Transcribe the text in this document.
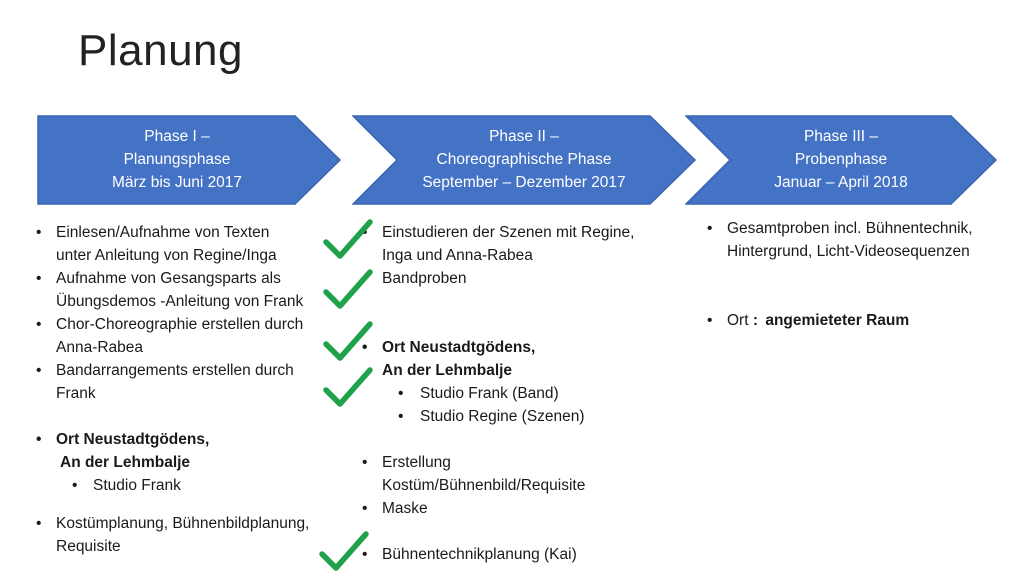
Planung
Phase I –
Planungsphase
März bis Juni 2017
Phase II –
Choreographische Phase
September – Dezember 2017
Phase III –
Probenphase
Januar – April 2018
• Einlesen/Aufnahme von Texten
unter Anleitung von Regine/Inga
• Aufnahme von Gesangsparts als
Übungsdemos -Anleitung von Frank
• Chor-Choreographie erstellen durch
Anna-Rabea
• Bandarrangements erstellen durch
Frank
• Ort Neustadtgödens,
An der Lehmbalje
• Studio Frank
• Kostümplanung, Bühnenbildplanung,
Requisite
• Einstudieren der Szenen mit Regine,
Inga und Anna-Rabea
• Bandproben
• Ort Neustadtgödens,
An der Lehmbalje
• Studio Frank (Band)
• Studio Regine (Szenen)
• Erstellung
Kostüm/Bühnenbild/Requisite
• Maske
• Bühnentechnikplanung (Kai)
• Gesamtproben incl. Bühnentechnik,
Hintergrund, Licht-Videosequenzen
• Ort : angemieteter Raum
